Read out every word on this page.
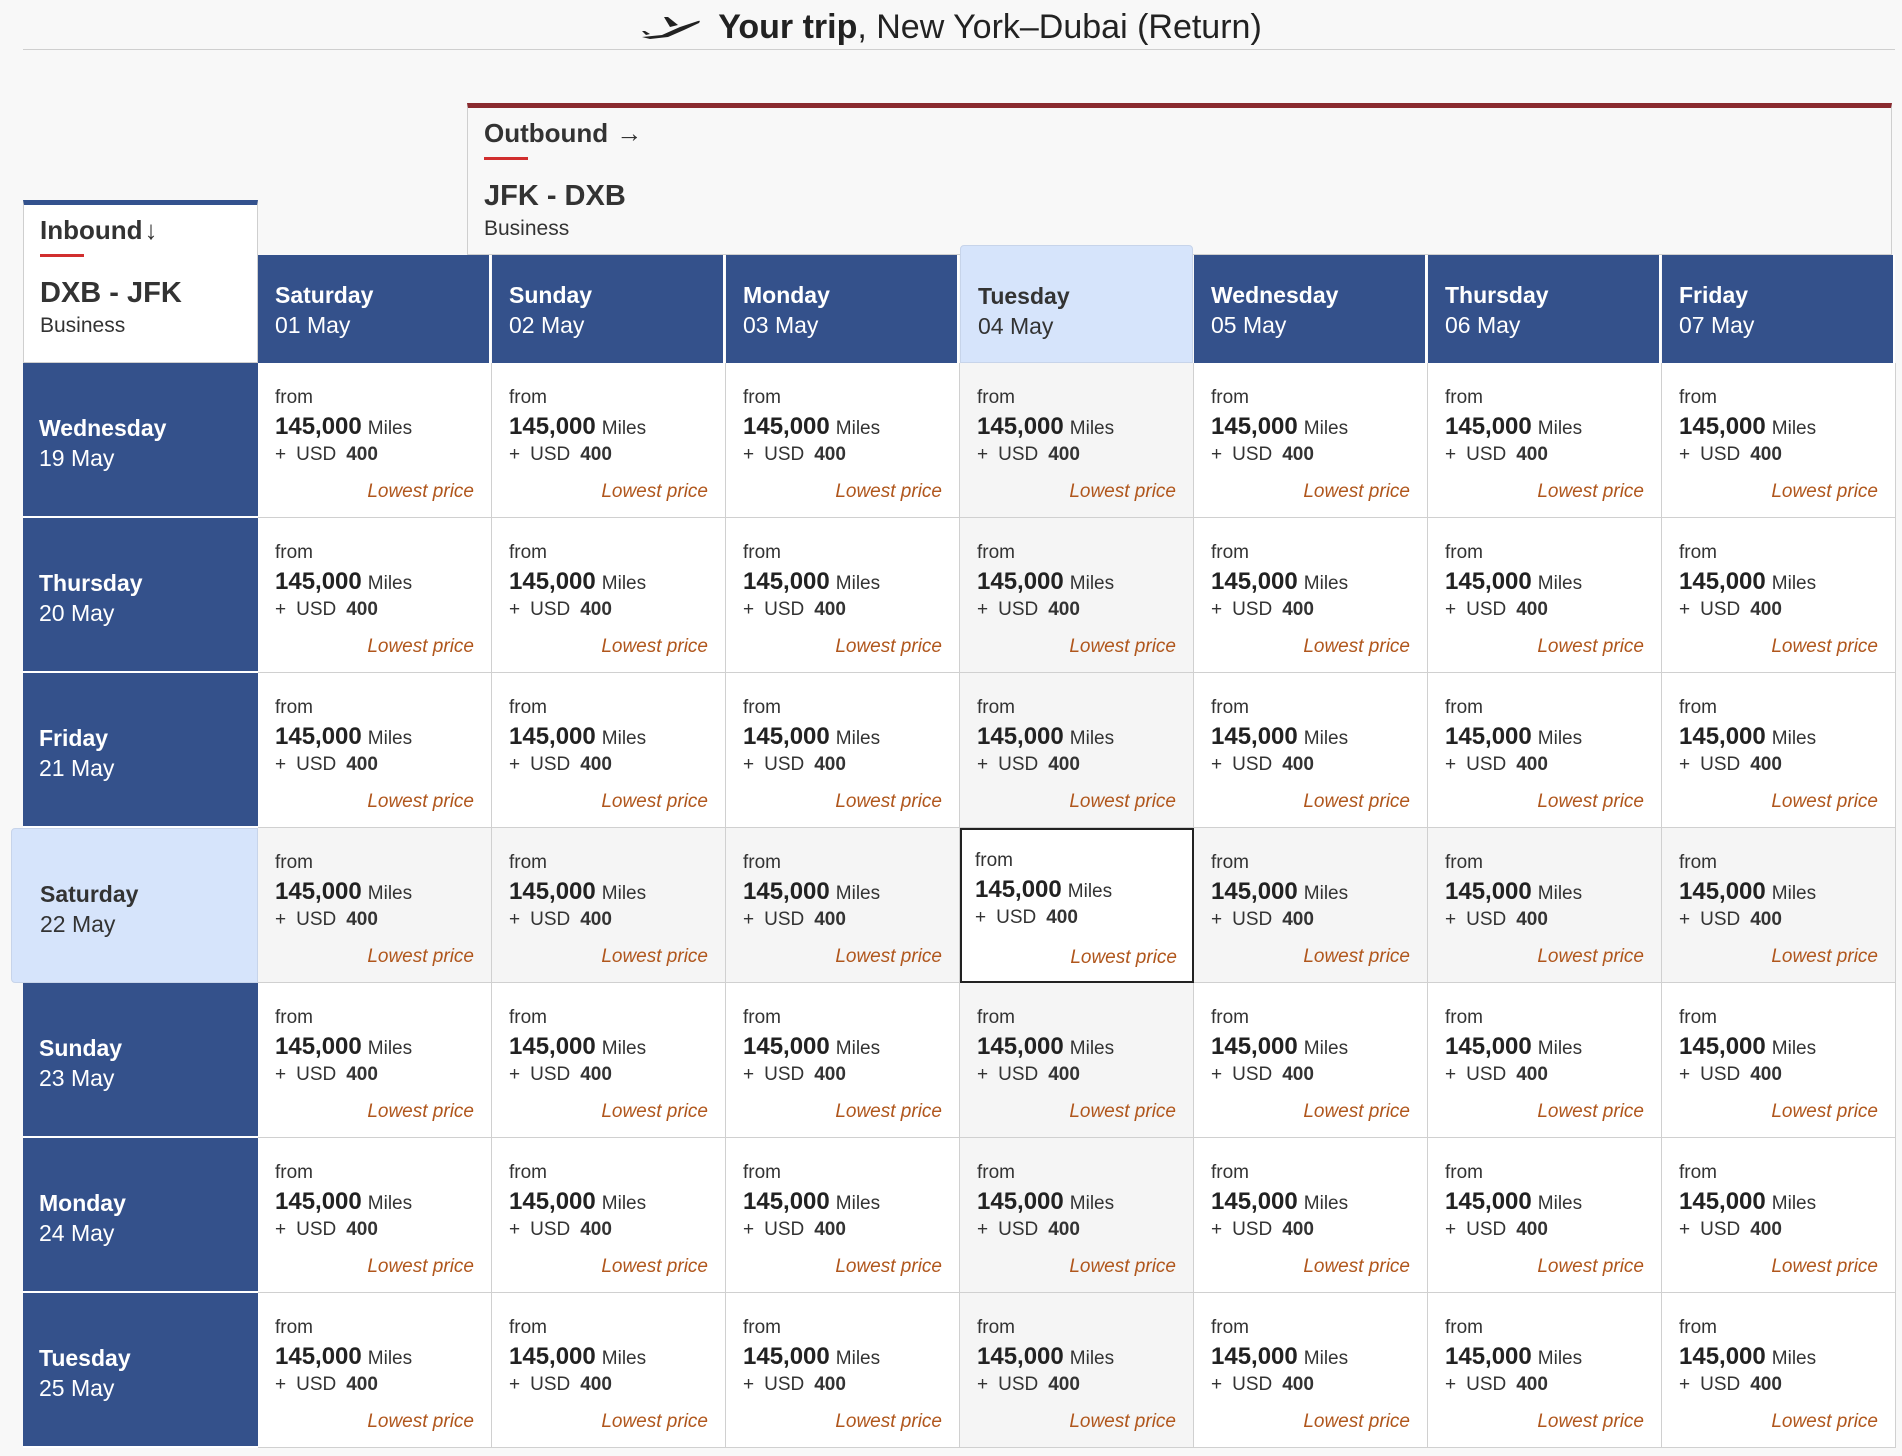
Your trip , New York–Dubai (Return)
Outbound →
JFK - DXB
Business
Inbound ↓
DXB - JFK
Business
Saturday
01 May
Sunday
02 May
Monday
03 May
Tuesday
04 May
Wednesday
05 May
Thursday
06 May
Friday
07 May
Wednesday
19 May
Thursday
20 May
Friday
21 May
Saturday
22 May
Sunday
23 May
Monday
24 May
Tuesday
25 May
from
145,000 Miles
+ USD 400
Lowest price
from
145,000 Miles
+ USD 400
Lowest price
from
145,000 Miles
+ USD 400
Lowest price
from
145,000 Miles
+ USD 400
Lowest price
from
145,000 Miles
+ USD 400
Lowest price
from
145,000 Miles
+ USD 400
Lowest price
from
145,000 Miles
+ USD 400
Lowest price
from
145,000 Miles
+ USD 400
Lowest price
from
145,000 Miles
+ USD 400
Lowest price
from
145,000 Miles
+ USD 400
Lowest price
from
145,000 Miles
+ USD 400
Lowest price
from
145,000 Miles
+ USD 400
Lowest price
from
145,000 Miles
+ USD 400
Lowest price
from
145,000 Miles
+ USD 400
Lowest price
from
145,000 Miles
+ USD 400
Lowest price
from
145,000 Miles
+ USD 400
Lowest price
from
145,000 Miles
+ USD 400
Lowest price
from
145,000 Miles
+ USD 400
Lowest price
from
145,000 Miles
+ USD 400
Lowest price
from
145,000 Miles
+ USD 400
Lowest price
from
145,000 Miles
+ USD 400
Lowest price
from
145,000 Miles
+ USD 400
Lowest price
from
145,000 Miles
+ USD 400
Lowest price
from
145,000 Miles
+ USD 400
Lowest price
from
145,000 Miles
+ USD 400
Lowest price
from
145,000 Miles
+ USD 400
Lowest price
from
145,000 Miles
+ USD 400
Lowest price
from
145,000 Miles
+ USD 400
Lowest price
from
145,000 Miles
+ USD 400
Lowest price
from
145,000 Miles
+ USD 400
Lowest price
from
145,000 Miles
+ USD 400
Lowest price
from
145,000 Miles
+ USD 400
Lowest price
from
145,000 Miles
+ USD 400
Lowest price
from
145,000 Miles
+ USD 400
Lowest price
from
145,000 Miles
+ USD 400
Lowest price
from
145,000 Miles
+ USD 400
Lowest price
from
145,000 Miles
+ USD 400
Lowest price
from
145,000 Miles
+ USD 400
Lowest price
from
145,000 Miles
+ USD 400
Lowest price
from
145,000 Miles
+ USD 400
Lowest price
from
145,000 Miles
+ USD 400
Lowest price
from
145,000 Miles
+ USD 400
Lowest price
from
145,000 Miles
+ USD 400
Lowest price
from
145,000 Miles
+ USD 400
Lowest price
from
145,000 Miles
+ USD 400
Lowest price
from
145,000 Miles
+ USD 400
Lowest price
from
145,000 Miles
+ USD 400
Lowest price
from
145,000 Miles
+ USD 400
Lowest price
from
145,000 Miles
+ USD 400
Lowest price
